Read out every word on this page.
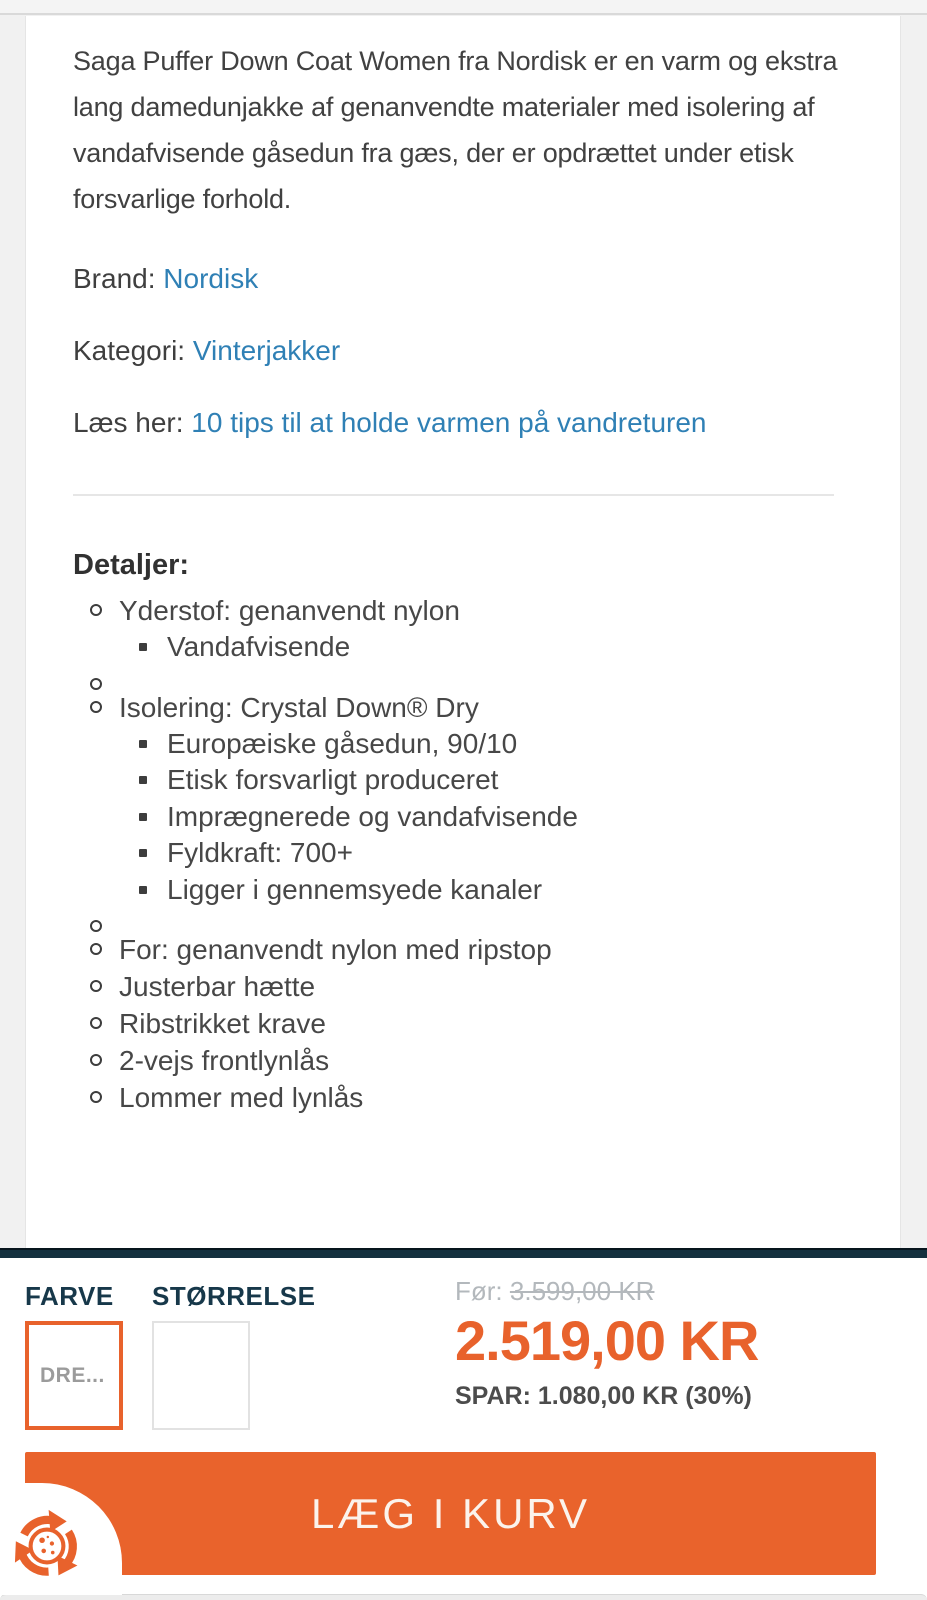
Saga Puffer Down Coat Women fra Nordisk er en varm og ekstra
lang damedunjakke af genanvendte materialer med isolering af
vandafvisende gåsedun fra gæs, der er opdrættet under etisk
forsvarlige forhold.
Brand: Nordisk
Kategori: Vinterjakker
Læs her: 10 tips til at holde varmen på vandreturen
Detaljer:
Yderstof: genanvendt nylon
Vandafvisende
Isolering: Crystal Down® Dry
Europæiske gåsedun, 90/10
Etisk forsvarligt produceret
Imprægnerede og vandafvisende
Fyldkraft: 700+
Ligger i gennemsyede kanaler
For: genanvendt nylon med ripstop
Justerbar hætte
Ribstrikket krave
2-vejs frontlynlås
Lommer med lynlås
FARVE STØRRELSE
DRE...
Før: 3.599,00 KR
2.519,00 KR
SPAR: 1.080,00 KR (30%)
LÆG I KURV
